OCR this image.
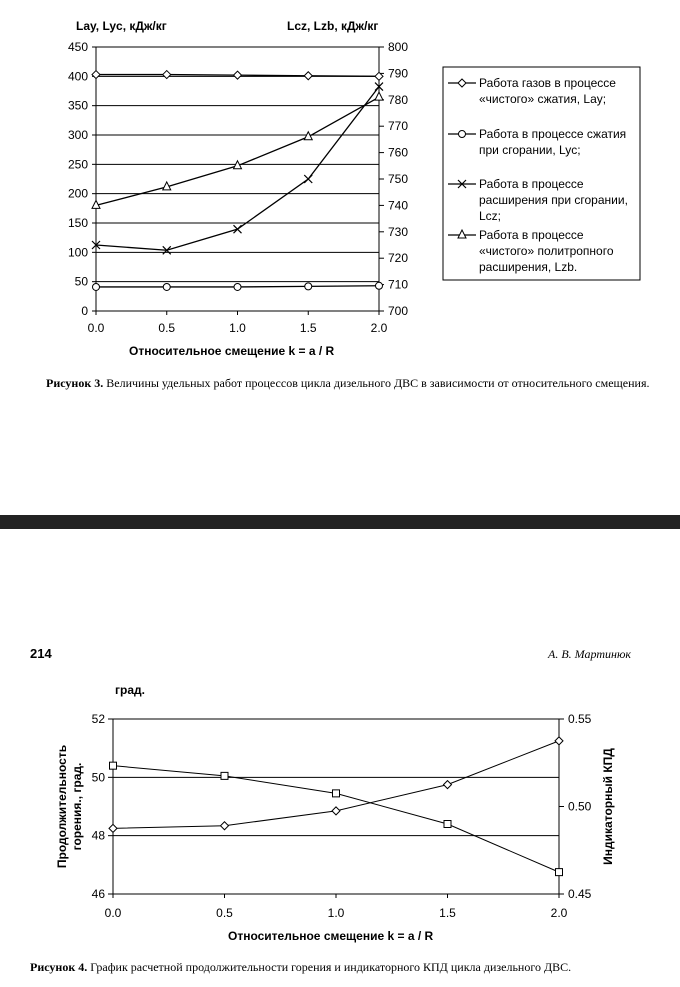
Lay, Lyc, кДж/кг	Lcz, Lzb, кДж/кг
0
50
100
150
200
250
300
350
400
450
700
710
720
730
740
750
760
770
780
790
800
0.0	0.5	1.0	1.5	2.0
Работа газов в процессе
«чистого» сжатия, Lay;
Работа в процессе сжатия
при сгорании, Lyc;
Работа в процессе
расширения при сгорании,
Lcz;
Работа в процессе
«чистого» политропного
расширения, Lzb.
Относительное смещение k = a / R
Рисунок 3. Величины удельных работ процессов цикла дизельного ДВС в зависимости от относительного смещения.
214	А. В. Мартинюк
град.
46
48
50
52
0.45
0.50
0.55
0.0	0.5	1.0	1.5	2.0
Продолжительность горения., град.	Индикаторный КПД
Относительное смещение k = a / R
Рисунок 4. График расчетной продолжительности горения и индикаторного КПД цикла дизельного ДВС.
